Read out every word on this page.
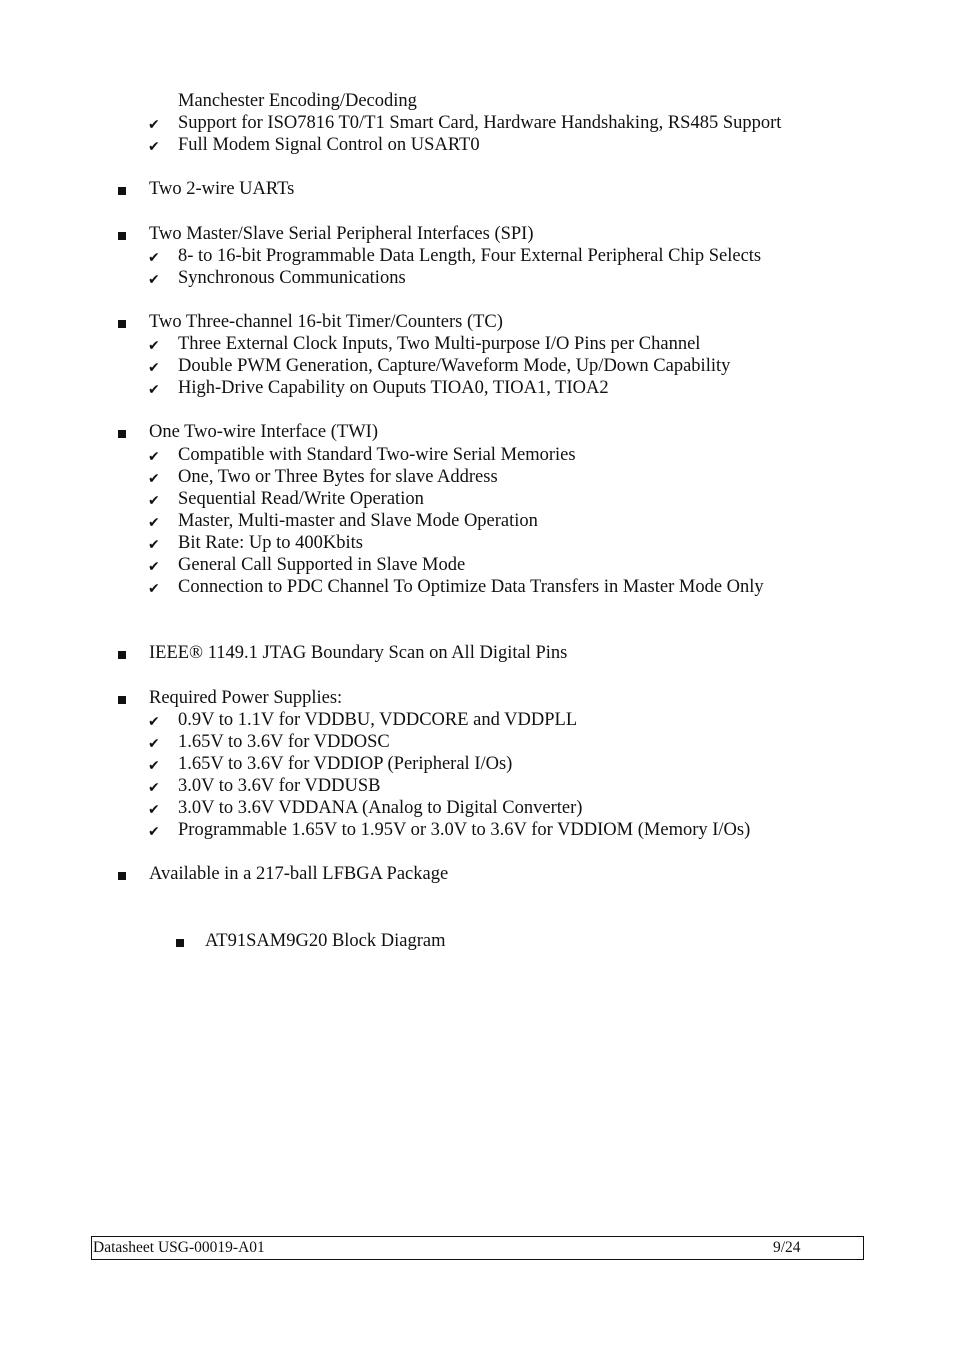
Manchester Encoding/Decoding
✔ Support for ISO7816 T0/T1 Smart Card, Hardware Handshaking, RS485 Support
✔ Full Modem Signal Control on USART0
Two 2-wire UARTs
Two Master/Slave Serial Peripheral Interfaces (SPI)
✔ 8- to 16-bit Programmable Data Length, Four External Peripheral Chip Selects
✔ Synchronous Communications
Two Three-channel 16-bit Timer/Counters (TC)
✔ Three External Clock Inputs, Two Multi-purpose I/O Pins per Channel
✔ Double PWM Generation, Capture/Waveform Mode, Up/Down Capability
✔ High-Drive Capability on Ouputs TIOA0, TIOA1, TIOA2
One Two-wire Interface (TWI)
✔ Compatible with Standard Two-wire Serial Memories
✔ One, Two or Three Bytes for slave Address
✔ Sequential Read/Write Operation
✔ Master, Multi-master and Slave Mode Operation
✔ Bit Rate: Up to 400Kbits
✔ General Call Supported in Slave Mode
✔ Connection to PDC Channel To Optimize Data Transfers in Master Mode Only
IEEE® 1149.1 JTAG Boundary Scan on All Digital Pins
Required Power Supplies:
✔ 0.9V to 1.1V for VDDBU, VDDCORE and VDDPLL
✔ 1.65V to 3.6V for VDDOSC
✔ 1.65V to 3.6V for VDDIOP (Peripheral I/Os)
✔ 3.0V to 3.6V for VDDUSB
✔ 3.0V to 3.6V VDDANA (Analog to Digital Converter)
✔ Programmable 1.65V to 1.95V or 3.0V to 3.6V for VDDIOM (Memory I/Os)
Available in a 217-ball LFBGA Package
AT91SAM9G20 Block Diagram
Datasheet USG-00019-A01	9/24
